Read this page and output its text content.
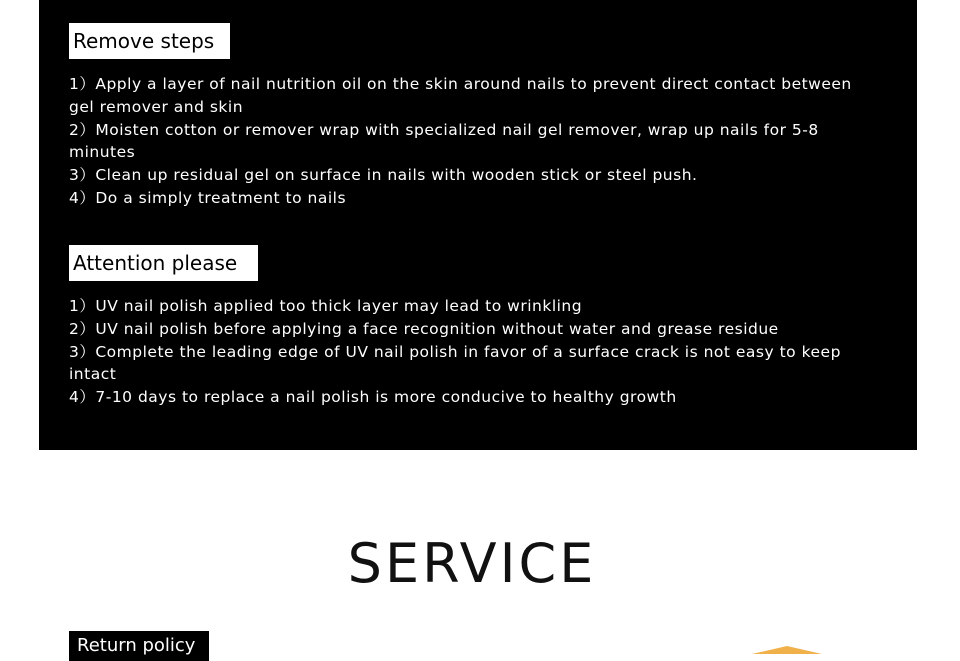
Remove steps

1）Apply a layer of nail nutrition oil on the skin around nails to prevent direct contact between gel remover and skin

2）Moisten cotton or remover wrap with specialized nail gel remover, wrap up nails for 5-8 minutes

3）Clean up residual gel on surface in nails with wooden stick or steel push.

4）Do a simply treatment to nails

Attention please

1）UV nail polish applied too thick layer may lead to wrinkling

2）UV nail polish before applying a face recognition without water and grease residue

3）Complete the leading edge of UV nail polish in favor of a surface crack is not easy to keep intact

4）7-10 days to replace a nail polish is more conducive to healthy growth

SERVICE
Return policy
